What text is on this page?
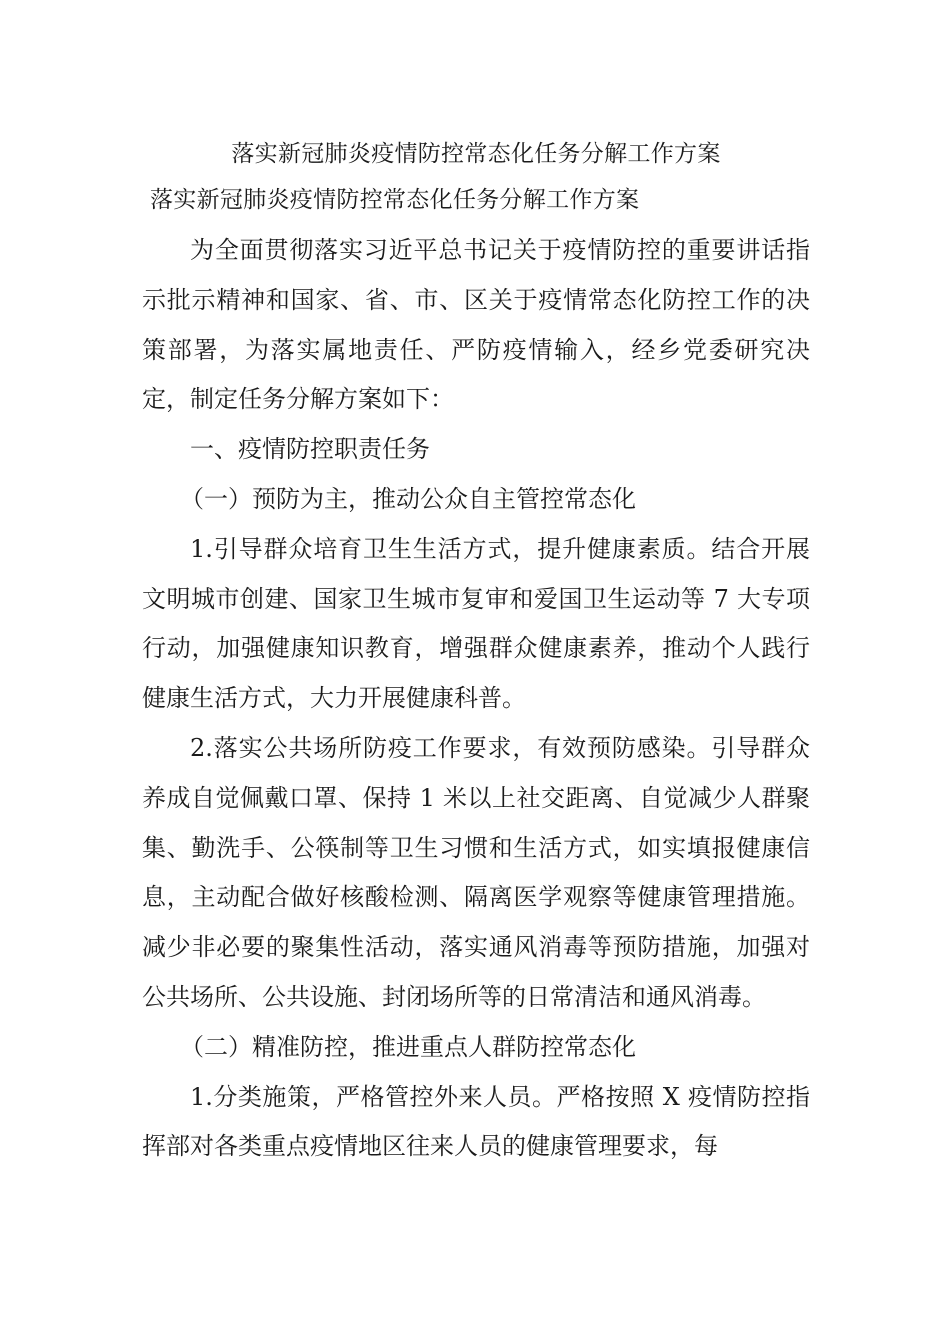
落实新冠肺炎疫情防控常态化任务分解工作方案
落实新冠肺炎疫情防控常态化任务分解工作方案

为全面贯彻落实习近平总书记关于疫情防控的重要讲话指示批示精神和国家、省、市、区关于疫情常态化防控工作的决策部署，为落实属地责任、严防疫情输入，经乡党委研究决定，制定任务分解方案如下：

一、疫情防控职责任务

（一）预防为主，推动公众自主管控常态化

1.引导群众培育卫生生活方式，提升健康素质。结合开展文明城市创建、国家卫生城市复审和爱国卫生运动等 7 大专项行动，加强健康知识教育，增强群众健康素养，推动个人践行健康生活方式，大力开展健康科普。

2.落实公共场所防疫工作要求，有效预防感染。引导群众养成自觉佩戴口罩、保持 1 米以上社交距离、自觉减少人群聚集、勤洗手、公筷制等卫生习惯和生活方式，如实填报健康信息，主动配合做好核酸检测、隔离医学观察等健康管理措施。减少非必要的聚集性活动，落实通风消毒等预防措施，加强对公共场所、公共设施、封闭场所等的日常清洁和通风消毒。

（二）精准防控，推进重点人群防控常态化

1.分类施策，严格管控外来人员。严格按照 X 疫情防控指挥部对各类重点疫情地区往来人员的健康管理要求，每
